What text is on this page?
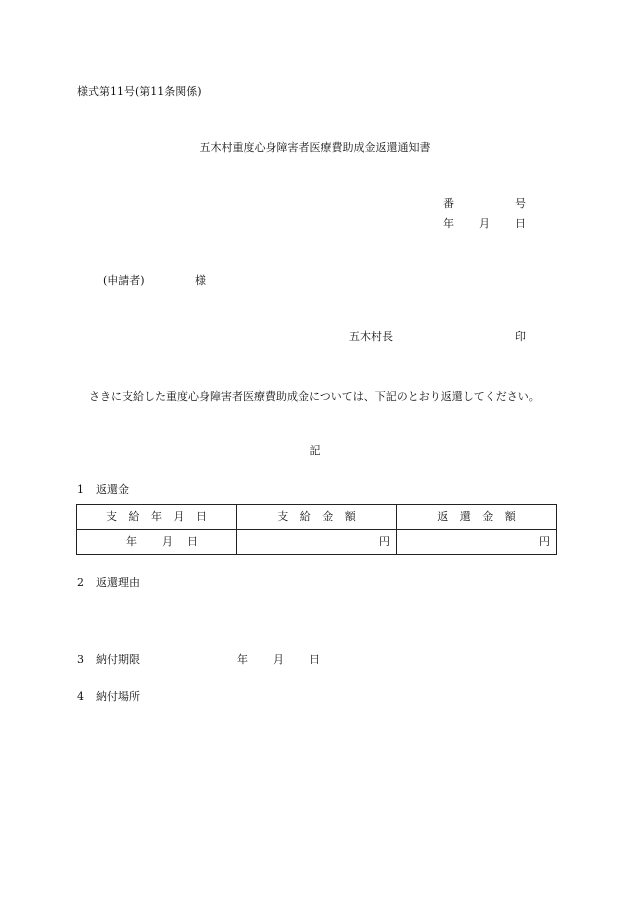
様式第11号(第11条関係)
五木村重度心身障害者医療費助成金返還通知書
番	号
年 月 日
(申請者)	様
五木村長	印
さきに支給した重度心身障害者医療費助成金については、下記のとおり返還してください。
記
1 返還金
支 給 年 月 日	支 給 金 額	返 還 金 額
年 月 日	円	円
2 返還理由
3 納付期限	年 月 日
4 納付場所
